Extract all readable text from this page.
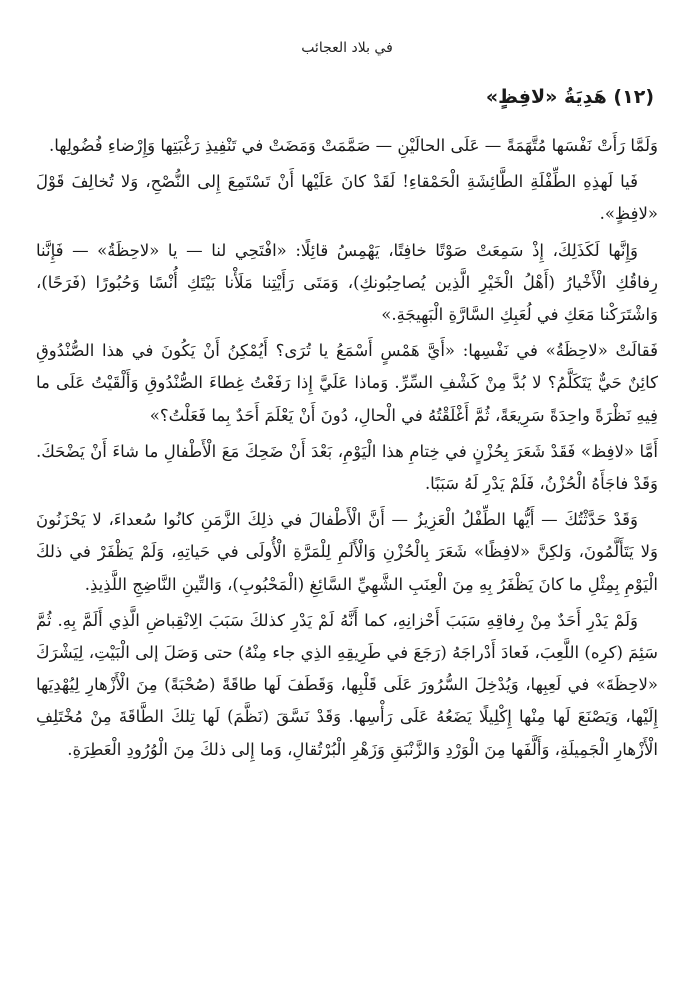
في بلاد العجائب
(١٢) هَدِيَةُ «لافِظٍ»

وَلَمَّا رَأَتْ نَفْسَها مُتَّهَمَةً — عَلَى الحالَيْنِ — صَمَّمَتْ وَمَضَتْ في تَنْفِيذِ رَغْبَتِها وَإِرْضاءِ فُضُولِها.

فَيا لَهذِهِ الطِّفْلَةِ الطَّائِشَةِ الْحَمْقاءِ! لَقَدْ كانَ عَلَيْها أَنْ تَسْتَمِعَ إِلى النُّصْحِ، وَلا تُخالِفَ قَوْلَ «لافِظٍ».

وَإِنَّها لَكَذَلِكَ، إِذْ سَمِعَتْ صَوْتًا خافِتًا، يَهْمِسُ قائِلًا: «افْتَحِي لنا — يا «لاحِظَةُ» — فَإِنَّنا رِفاقُكِ الْأَخْيارُ (أَهْلُ الْخَيْرِ الَّذِين يُصاحِبُونكِ)، وَمَتَى رَأَيْتِنا مَلَأْنا بَيْتَكِ أُنْسًا وَحُبُورًا (فَرَحًا)، وَاشْتَرَكْنا مَعَكِ في لُعَبِكِ السَّارَّةِ الْبَهِيجَةِ.»

فَقالَتْ «لاحِظَةُ» في نَفْسِها: «أَيَّ هَمْسٍ أَسْمَعُ يا تُرَى؟ أَيُمْكِنُ أَنْ يَكُونَ في هذا الصُّنْدُوقِ كائِنٌ حَيٌّ يَتَكَلَّمُ؟ لا بُدَّ مِنْ كَشْفِ السِّرِّ. وَماذا عَلَيَّ إِذا رَفَعْتُ غِطاءَ الصُّنْدُوقِ وَأَلْقَيْتُ عَلَى ما فِيهِ نَظْرَةً واحِدَةً سَرِيعَةً، ثُمَّ أَغْلَقْتُهُ في الْحالِ، دُونَ أَنْ يَعْلَمَ أَحَدٌ بِما فَعَلْتُ؟»

أَمَّا «لافِظ» فَقَدْ شَعَرَ بِحُزْنٍ في خِتامِ هذا الْيَوْمِ، بَعْدَ أَنْ ضَحِكَ مَعَ الْأَطْفالِ ما شاءَ أَنْ يَضْحَكَ. وَقَدْ فاجَأَهُ الْحُزْنُ، فَلَمْ يَدْرِ لَهُ سَبَبًا.

وَقَدْ حَدَّثْتُكَ — أَيُّها الطِّفْلُ الْعَزِيزُ — أَنَّ الْأَطْفالَ في ذلِكَ الزَّمَنِ كانُوا سُعداءَ، لا يَحْزَنُونَ وَلا يَتَأَلَّمُونَ، وَلكِنَّ «لافِظًا» شَعَرَ بِالْحُزْنِ وَالْأَلَمِ لِلْمَرَّةِ الْأُولَى في حَياتِهِ، وَلَمْ يَظْفَرْ في ذلكَ الْيَوْمِ بِمِثْلِ ما كانَ يَظْفَرُ بِهِ مِنَ الْعِنَبِ الشَّهِيِّ السَّائِغِ (الْمَحْبُوبِ)، وَالتِّينِ النَّاضِجِ اللَّذِيذِ.

وَلَمْ يَدْرِ أَحَدٌ مِنْ رِفاقِهِ سَبَبَ أَحْزانِهِ، كما أَنَّهُ لَمْ يَدْرِ كذلكَ سَبَبَ الِانْقِباضِ الَّذِي أَلَمَّ بِهِ. ثُمَّ سَئِمَ (كرِه) اللَّعِبَ، فَعادَ أَدْراجَهُ (رَجَعَ في طَرِيقِهِ الذِي جاء مِنْهُ) حتى وَصَلَ إلى الْبَيْتِ، لِيَشْرَكَ «لاحِظَةَ» في لَعِبِها، وَيُدْخِلَ السُّرُورَ عَلَى قَلْبِها، وَقَطَفَ لَها طاقَةً (صُحْبَةً) مِنَ الْأَزْهارِ لِيُهْدِيَها إِلَيْها، وَيَصْنَعَ لَها مِنْها إِكْلِيلًا يَضَعُهُ عَلَى رَأْسِها. وَقَدْ نَسَّقَ (نَظَّمَ) لَها تِلكَ الطَّاقَةَ مِنْ مُخْتَلِفِ الْأَزْهارِ الْجَمِيلَةِ، وَأَلَّفَها مِنَ الْوَرْدِ وَالزَّنْبَقِ وَزَهْرِ الْبُرْتُقالِ، وَما إِلى ذلكَ مِنَ الْوُرُودِ الْعَطِرَةِ.
